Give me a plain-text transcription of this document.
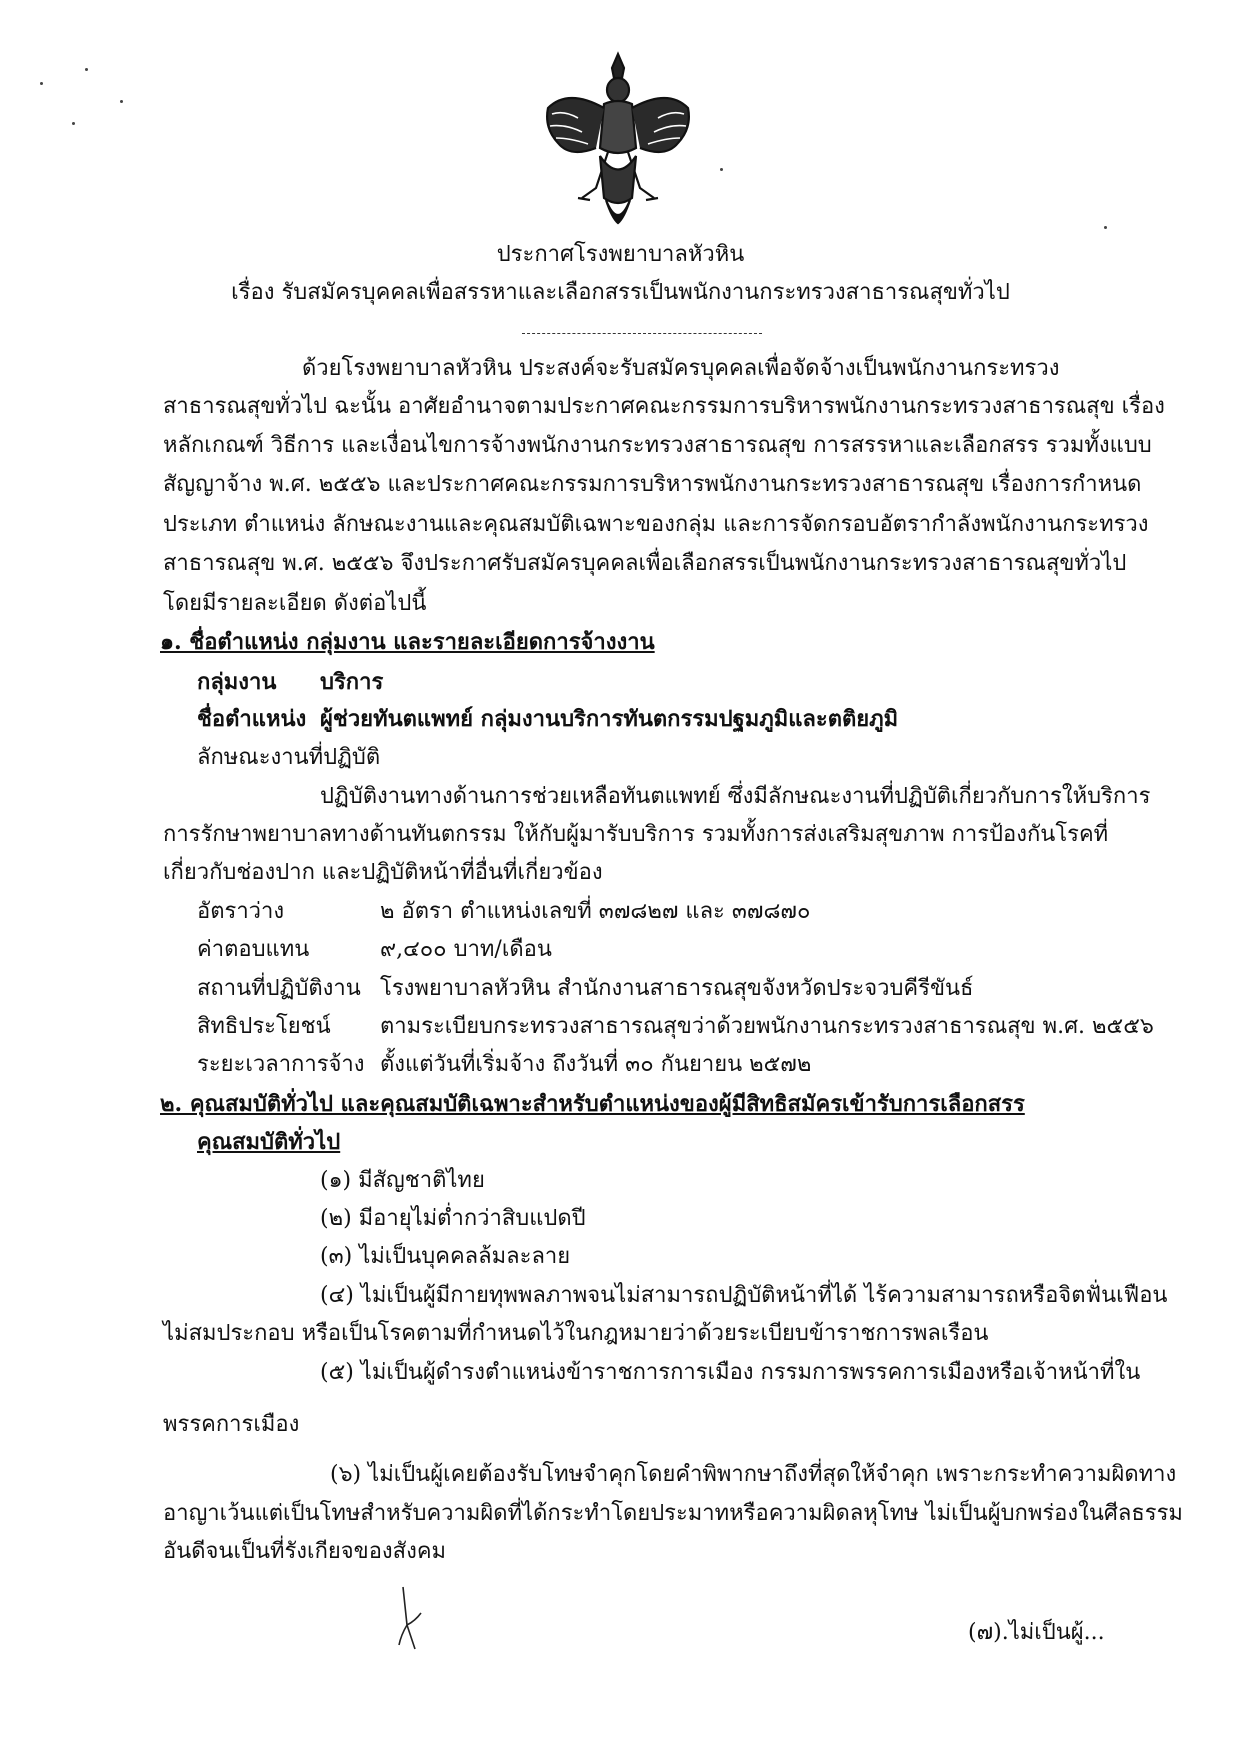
ประกาศโรงพยาบาลหัวหิน
เรื่อง รับสมัครบุคคลเพื่อสรรหาและเลือกสรรเป็นพนักงานกระทรวงสาธารณสุขทั่วไป
ด้วยโรงพยาบาลหัวหิน ประสงค์จะรับสมัครบุคคลเพื่อจัดจ้างเป็นพนักงานกระทรวง
สาธารณสุขทั่วไป ฉะนั้น อาศัยอำนาจตามประกาศคณะกรรมการบริหารพนักงานกระทรวงสาธารณสุข เรื่อง
หลักเกณฑ์ วิธีการ และเงื่อนไขการจ้างพนักงานกระทรวงสาธารณสุข การสรรหาและเลือกสรร รวมทั้งแบบ
สัญญาจ้าง พ.ศ. ๒๕๕๖ และประกาศคณะกรรมการบริหารพนักงานกระทรวงสาธารณสุข เรื่องการกำหนด
ประเภท ตำแหน่ง ลักษณะงานและคุณสมบัติเฉพาะของกลุ่ม และการจัดกรอบอัตรากำลังพนักงานกระทรวง
สาธารณสุข พ.ศ. ๒๕๕๖ จึงประกาศรับสมัครบุคคลเพื่อเลือกสรรเป็นพนักงานกระทรวงสาธารณสุขทั่วไป
โดยมีรายละเอียด ดังต่อไปนี้
๑. ชื่อตำแหน่ง กลุ่มงาน และรายละเอียดการจ้างงาน
กลุ่มงาน บริการ
ชื่อตำแหน่ง ผู้ช่วยทันตแพทย์ กลุ่มงานบริการทันตกรรมปฐมภูมิและตติยภูมิ
ลักษณะงานที่ปฏิบัติ
ปฏิบัติงานทางด้านการช่วยเหลือทันตแพทย์ ซึ่งมีลักษณะงานที่ปฏิบัติเกี่ยวกับการให้บริการ
การรักษาพยาบาลทางด้านทันตกรรม ให้กับผู้มารับบริการ รวมทั้งการส่งเสริมสุขภาพ การป้องกันโรคที่
เกี่ยวกับช่องปาก และปฏิบัติหน้าที่อื่นที่เกี่ยวข้อง
อัตราว่าง	๒ อัตรา ตำแหน่งเลขที่ ๓๗๘๒๗ และ ๓๗๘๗๐
ค่าตอบแทน	๙,๔๐๐ บาท/เดือน
สถานที่ปฏิบัติงาน โรงพยาบาลหัวหิน สำนักงานสาธารณสุขจังหวัดประจวบคีรีขันธ์
สิทธิประโยชน์ ตามระเบียบกระทรวงสาธารณสุขว่าด้วยพนักงานกระทรวงสาธารณสุข พ.ศ. ๒๕๕๖
ระยะเวลาการจ้าง ตั้งแต่วันที่เริ่มจ้าง ถึงวันที่ ๓๐ กันยายน ๒๕๗๒
๒. คุณสมบัติทั่วไป และคุณสมบัติเฉพาะสำหรับตำแหน่งของผู้มีสิทธิสมัครเข้ารับการเลือกสรร
คุณสมบัติทั่วไป
(๑) มีสัญชาติไทย
(๒) มีอายุไม่ต่ำกว่าสิบแปดปี
(๓) ไม่เป็นบุคคลล้มละลาย
(๔) ไม่เป็นผู้มีกายทุพพลภาพจนไม่สามารถปฏิบัติหน้าที่ได้ ไร้ความสามารถหรือจิตฟั่นเฟือน
ไม่สมประกอบ หรือเป็นโรคตามที่กำหนดไว้ในกฎหมายว่าด้วยระเบียบข้าราชการพลเรือน
(๕) ไม่เป็นผู้ดำรงตำแหน่งข้าราชการการเมือง กรรมการพรรคการเมืองหรือเจ้าหน้าที่ใน
พรรคการเมือง
(๖) ไม่เป็นผู้เคยต้องรับโทษจำคุกโดยคำพิพากษาถึงที่สุดให้จำคุก เพราะกระทำความผิดทาง
อาญาเว้นแต่เป็นโทษสำหรับความผิดที่ได้กระทำโดยประมาทหรือความผิดลหุโทษ ไม่เป็นผู้บกพร่องในศีลธรรม
อันดีจนเป็นที่รังเกียจของสังคม
(๗).ไม่เป็นผู้...
